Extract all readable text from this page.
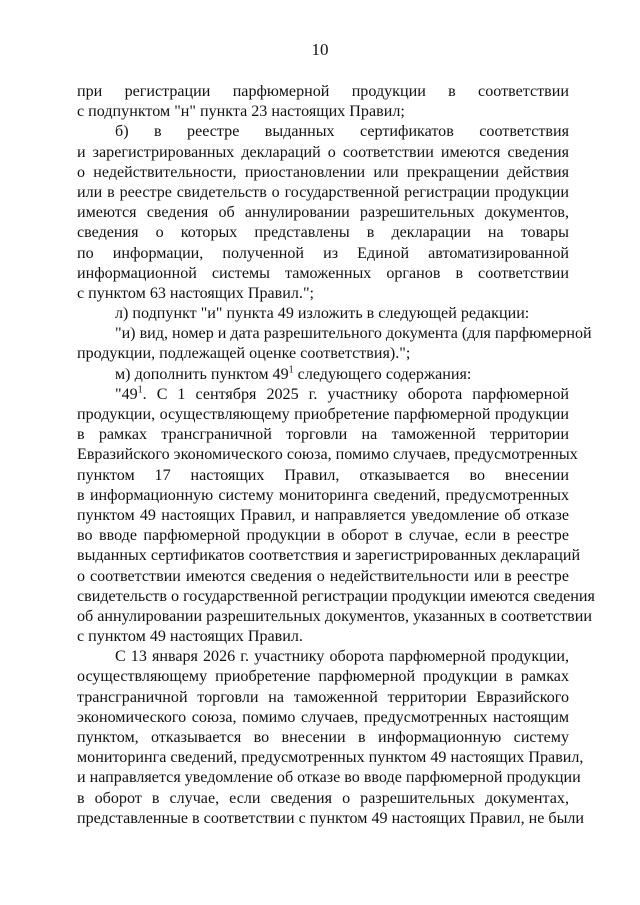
10
при регистрации парфюмерной продукции в соответствии
с подпунктом "н" пункта 23 настоящих Правил;
б) в реестре выданных сертификатов соответствия
и зарегистрированных деклараций о соответствии имеются сведения
о недействительности, приостановлении или прекращении действия
или в реестре свидетельств о государственной регистрации продукции
имеются сведения об аннулировании разрешительных документов,
сведения о которых представлены в декларации на товары
по информации, полученной из Единой автоматизированной
информационной системы таможенных органов в соответствии
с пунктом 63 настоящих Правил.";
л) подпункт "и" пункта 49 изложить в следующей редакции:
"и) вид, номер и дата разрешительного документа (для парфюмерной
продукции, подлежащей оценке соответствия).";
м) дополнить пунктом $49^1$ следующего содержания:
"$49^1$. С 1 сентября 2025 г. участнику оборота парфюмерной
продукции, осуществляющему приобретение парфюмерной продукции
в рамках трансграничной торговли на таможенной территории
Евразийского экономического союза, помимо случаев, предусмотренных
пунктом 17 настоящих Правил, отказывается во внесении
в информационную систему мониторинга сведений, предусмотренных
пунктом 49 настоящих Правил, и направляется уведомление об отказе
во вводе парфюмерной продукции в оборот в случае, если в реестре
выданных сертификатов соответствия и зарегистрированных деклараций
о соответствии имеются сведения о недействительности или в реестре
свидетельств о государственной регистрации продукции имеются сведения
об аннулировании разрешительных документов, указанных в соответствии
с пунктом 49 настоящих Правил.
С 13 января 2026 г. участнику оборота парфюмерной продукции,
осуществляющему приобретение парфюмерной продукции в рамках
трансграничной торговли на таможенной территории Евразийского
экономического союза, помимо случаев, предусмотренных настоящим
пунктом, отказывается во внесении в информационную систему
мониторинга сведений, предусмотренных пунктом 49 настоящих Правил,
и направляется уведомление об отказе во вводе парфюмерной продукции
в оборот в случае, если сведения о разрешительных документах,
представленные в соответствии с пунктом 49 настоящих Правил, не были
